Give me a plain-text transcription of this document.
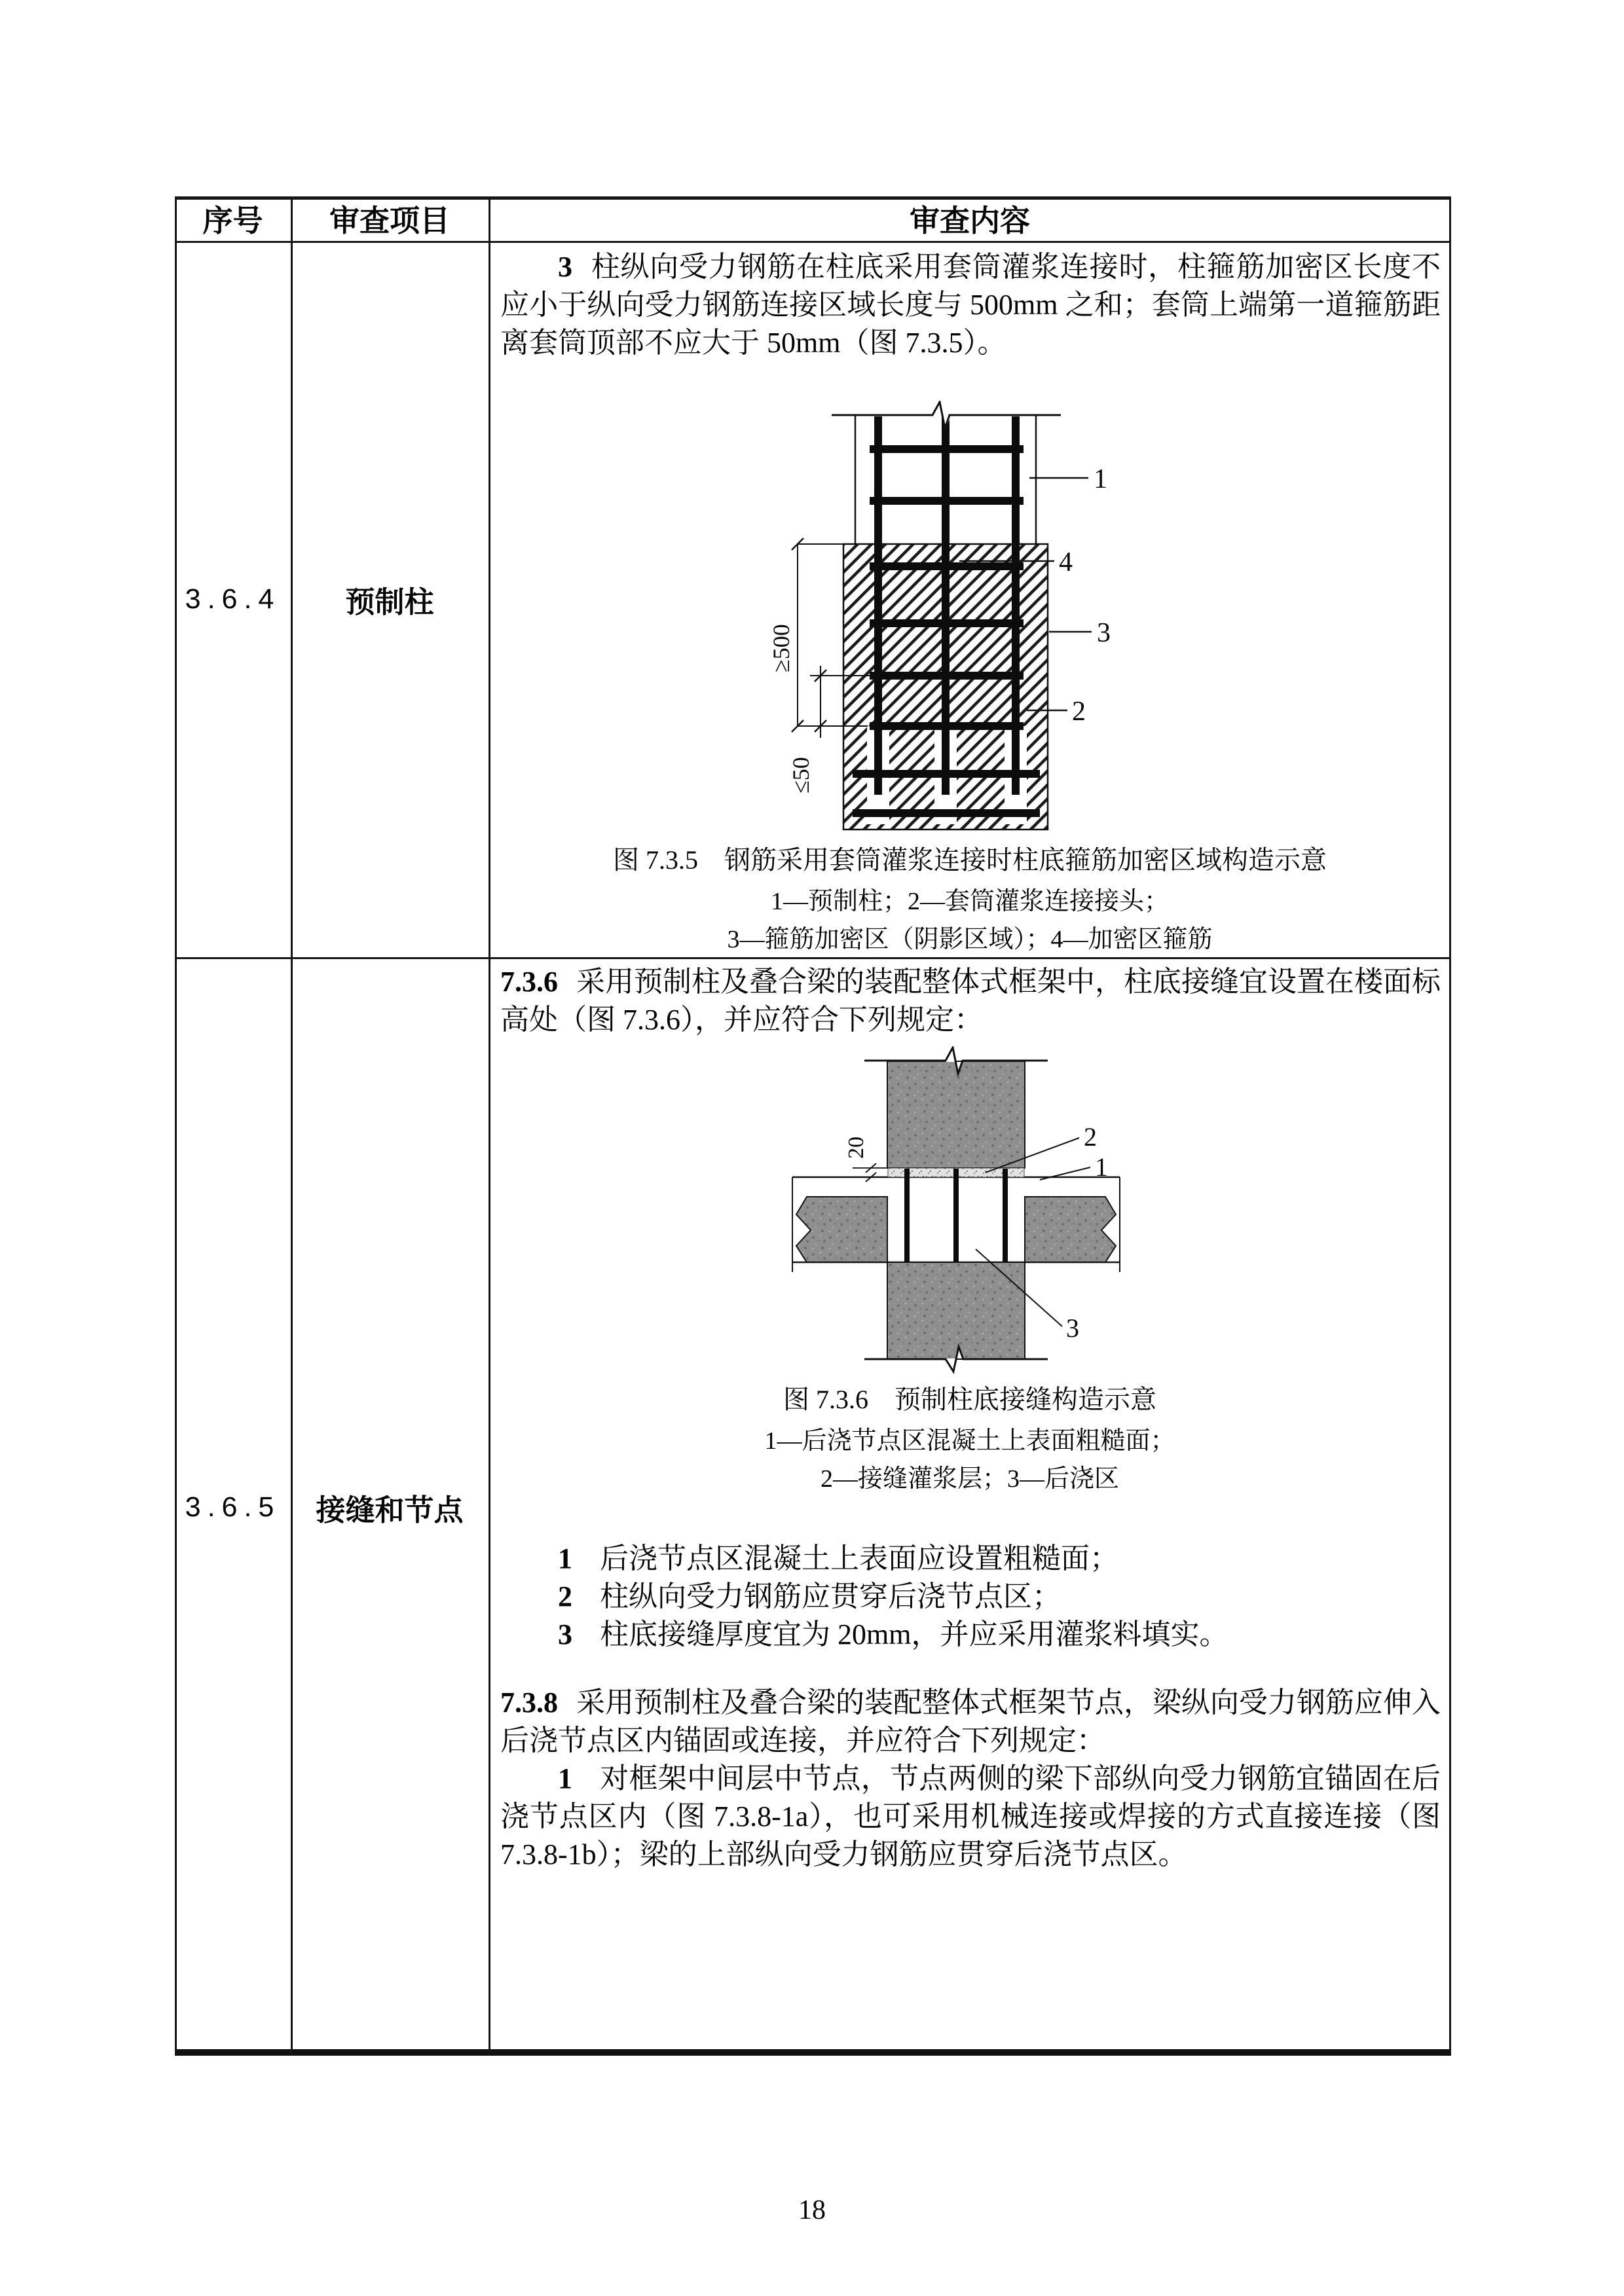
序号 审查项目	审查内容
3.6.4 预制柱
3 柱纵向受力钢筋在柱底采用套筒灌浆连接时，柱箍筋加密区长度不应小于纵向受力钢筋连接区域长度与 500mm 之和；套筒上端第一道箍筋距离套筒顶部不应大于 50mm（图 7.3.5）。
≥500
≤50
1
4
3
2
图 7.3.5　钢筋采用套筒灌浆连接时柱底箍筋加密区域构造示意
1—预制柱；2—套筒灌浆连接接头；
3—箍筋加密区（阴影区域）；4—加密区箍筋
3.6.5 接缝和节点
7.3.6 采用预制柱及叠合梁的装配整体式框架中，柱底接缝宜设置在楼面标高处（图 7.3.6），并应符合下列规定：
20	2
1
3
图 7.3.6　预制柱底接缝构造示意
1—后浇节点区混凝土上表面粗糙面；
2—接缝灌浆层；3—后浇区
1 后浇节点区混凝土上表面应设置粗糙面；
2 柱纵向受力钢筋应贯穿后浇节点区；
3 柱底接缝厚度宜为 20mm，并应采用灌浆料填实。
7.3.8 采用预制柱及叠合梁的装配整体式框架节点，梁纵向受力钢筋应伸入后浇节点区内锚固或连接，并应符合下列规定：
1 对框架中间层中节点，节点两侧的梁下部纵向受力钢筋宜锚固在后浇节点区内（图 7.3.8-1a），也可采用机械连接或焊接的方式直接连接（图 7.3.8-1b）；梁的上部纵向受力钢筋应贯穿后浇节点区。
18
